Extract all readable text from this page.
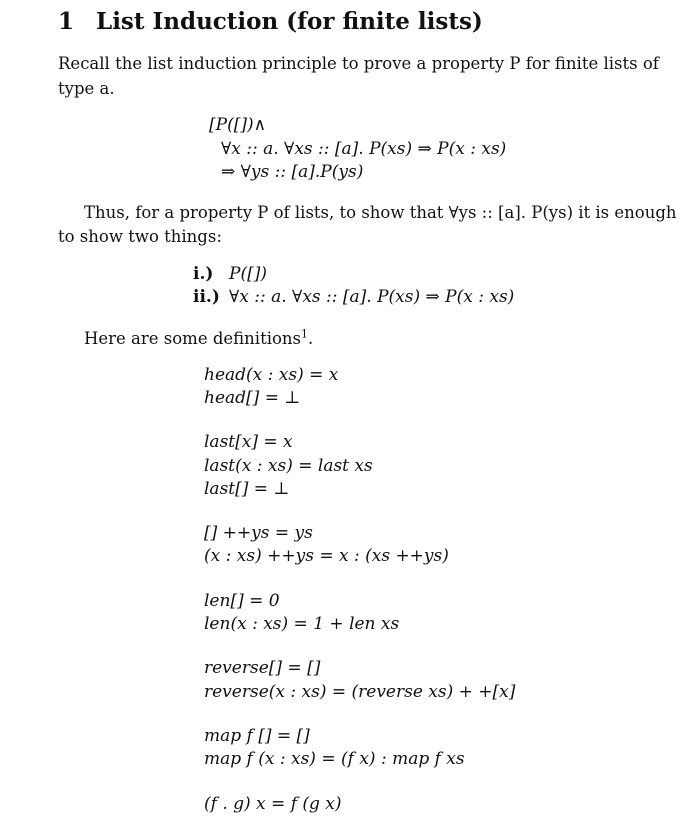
1 List Induction (for finite lists)
Recall the list induction principle to prove a property P for finite lists of
type a.
[P([])∧
∀x :: a. ∀xs :: [a]. P(xs) ⇒ P(x : xs)
⇒ ∀ys :: [a].P(ys)
Thus, for a property P of lists, to show that ∀ys :: [a]. P(ys) it is enough
to show two things:
i.) P([])
ii.) ∀x :: a. ∀xs :: [a]. P(xs) ⇒ P(x : xs)
Here are some definitions$^1$.
head(x : xs) = x
head[] = ⊥
last[x] = x
last(x : xs) = last xs
last[] = ⊥
[] ++ys = ys
(x : xs) ++ys = x : (xs ++ys)
len[] = 0
len(x : xs) = 1 + len xs
reverse[] = []
reverse(x : xs) = (reverse xs) + +[x]
map f [] = []
map f (x : xs) = (f x) : map f xs
(f . g) x = f (g x)
